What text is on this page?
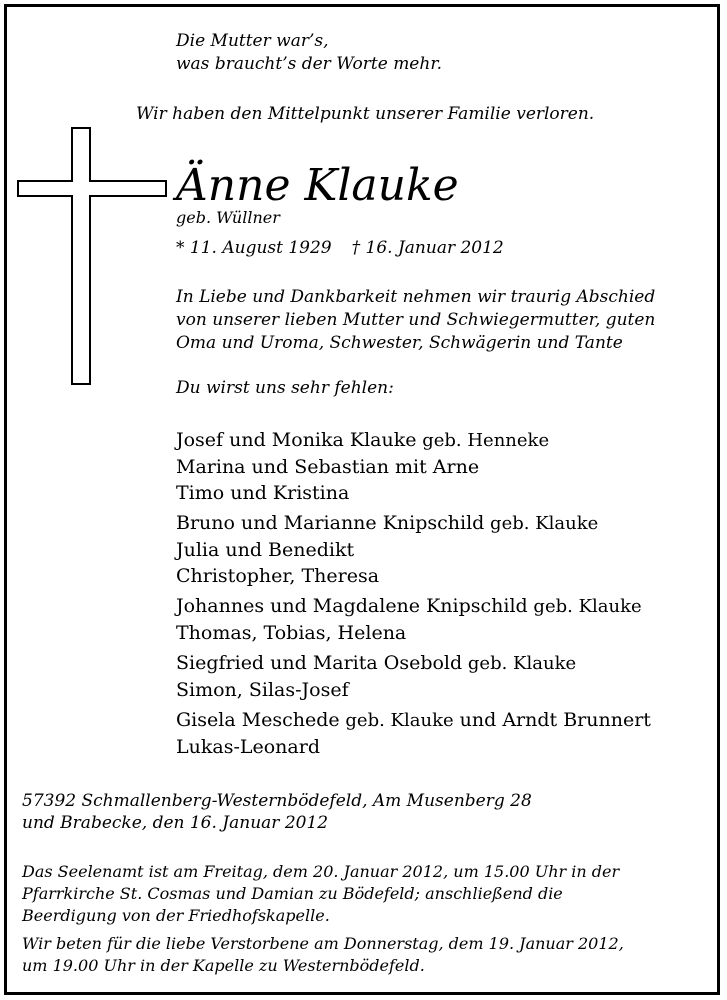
Die Mutter war’s,
was braucht’s der Worte mehr.
Wir haben den Mittelpunkt unserer Familie verloren.
Änne Klauke
geb. Wüllner
* 11. August 1929 † 16. Januar 2012
In Liebe und Dankbarkeit nehmen wir traurig Abschied
von unserer lieben Mutter und Schwiegermutter, guten
Oma und Uroma, Schwester, Schwägerin und Tante
Du wirst uns sehr fehlen:
Josef und Monika Klauke geb. Henneke
Marina und Sebastian mit Arne
Timo und Kristina
Bruno und Marianne Knipschild geb. Klauke
Julia und Benedikt
Christopher, Theresa
Johannes und Magdalene Knipschild geb. Klauke
Thomas, Tobias, Helena
Siegfried und Marita Osebold geb. Klauke
Simon, Silas-Josef
Gisela Meschede geb. Klauke und Arndt Brunnert
Lukas-Leonard
57392 Schmallenberg-Westernbödefeld, Am Musenberg 28
und Brabecke, den 16. Januar 2012
Das Seelenamt ist am Freitag, dem 20. Januar 2012, um 15.00 Uhr in der
Pfarrkirche St. Cosmas und Damian zu Bödefeld; anschließend die
Beerdigung von der Friedhofskapelle.
Wir beten für die liebe Verstorbene am Donnerstag, dem 19. Januar 2012,
um 19.00 Uhr in der Kapelle zu Westernbödefeld.
